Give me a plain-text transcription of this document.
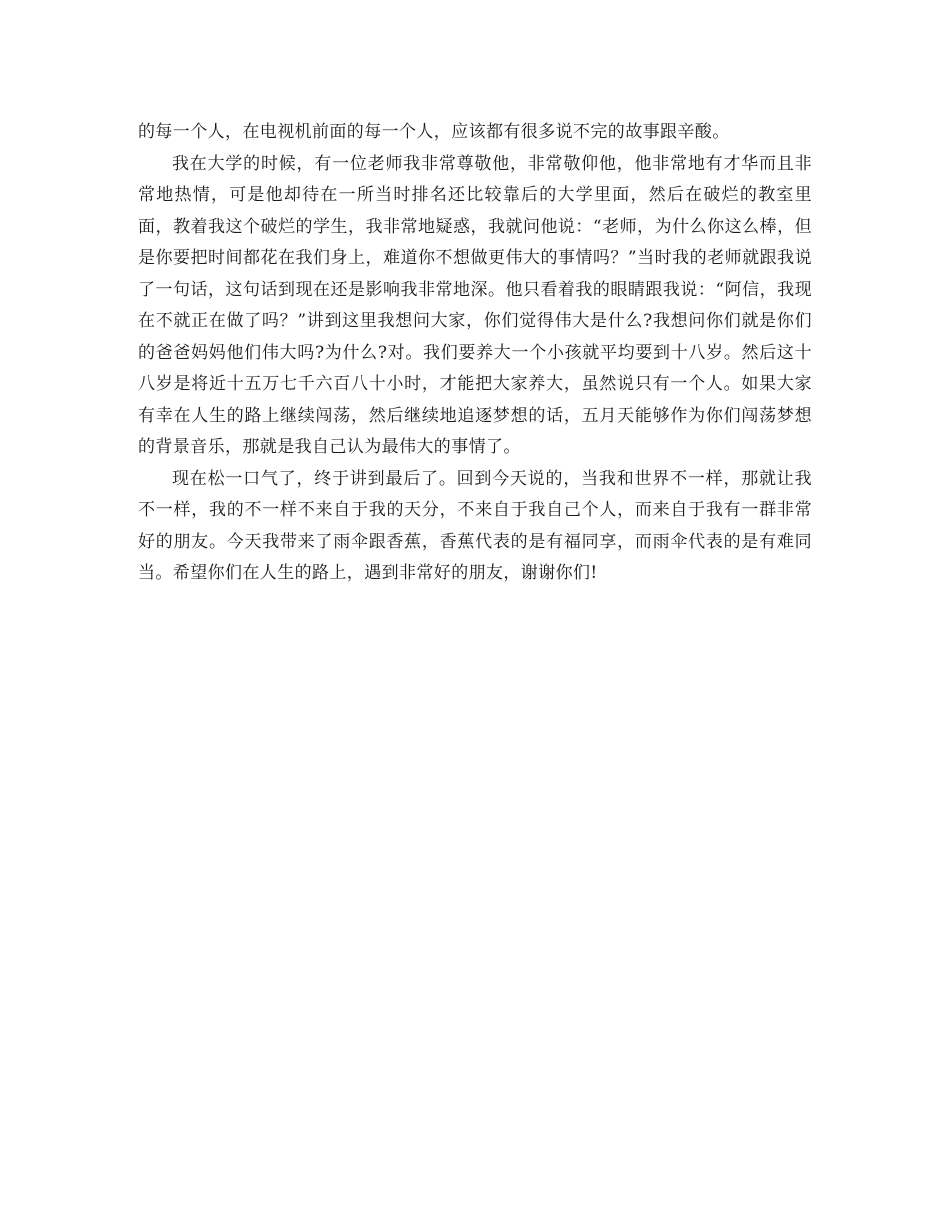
的每一个人，在电视机前面的每一个人，应该都有很多说不完的故事跟辛酸。

我在大学的时候，有一位老师我非常尊敬他，非常敬仰他，他非常地有才华而且非常地热情，可是他却待在一所当时排名还比较靠后的大学里面，然后在破烂的教室里面，教着我这个破烂的学生，我非常地疑惑，我就问他说：“老师，为什么你这么棒，但是你要把时间都花在我们身上，难道你不想做更伟大的事情吗？”当时我的老师就跟我说了一句话，这句话到现在还是影响我非常地深。他只看着我的眼睛跟我说：“阿信，我现在不就正在做了吗？”讲到这里我想问大家，你们觉得伟大是什么?我想问你们就是你们的爸爸妈妈他们伟大吗?为什么?对。我们要养大一个小孩就平均要到十八岁。然后这十八岁是将近十五万七千六百八十小时，才能把大家养大，虽然说只有一个人。如果大家有幸在人生的路上继续闯荡，然后继续地追逐梦想的话，五月天能够作为你们闯荡梦想的背景音乐，那就是我自己认为最伟大的事情了。

现在松一口气了，终于讲到最后了。回到今天说的，当我和世界不一样，那就让我不一样，我的不一样不来自于我的天分，不来自于我自己个人，而来自于我有一群非常好的朋友。今天我带来了雨伞跟香蕉，香蕉代表的是有福同享，而雨伞代表的是有难同当。希望你们在人生的路上，遇到非常好的朋友，谢谢你们!
